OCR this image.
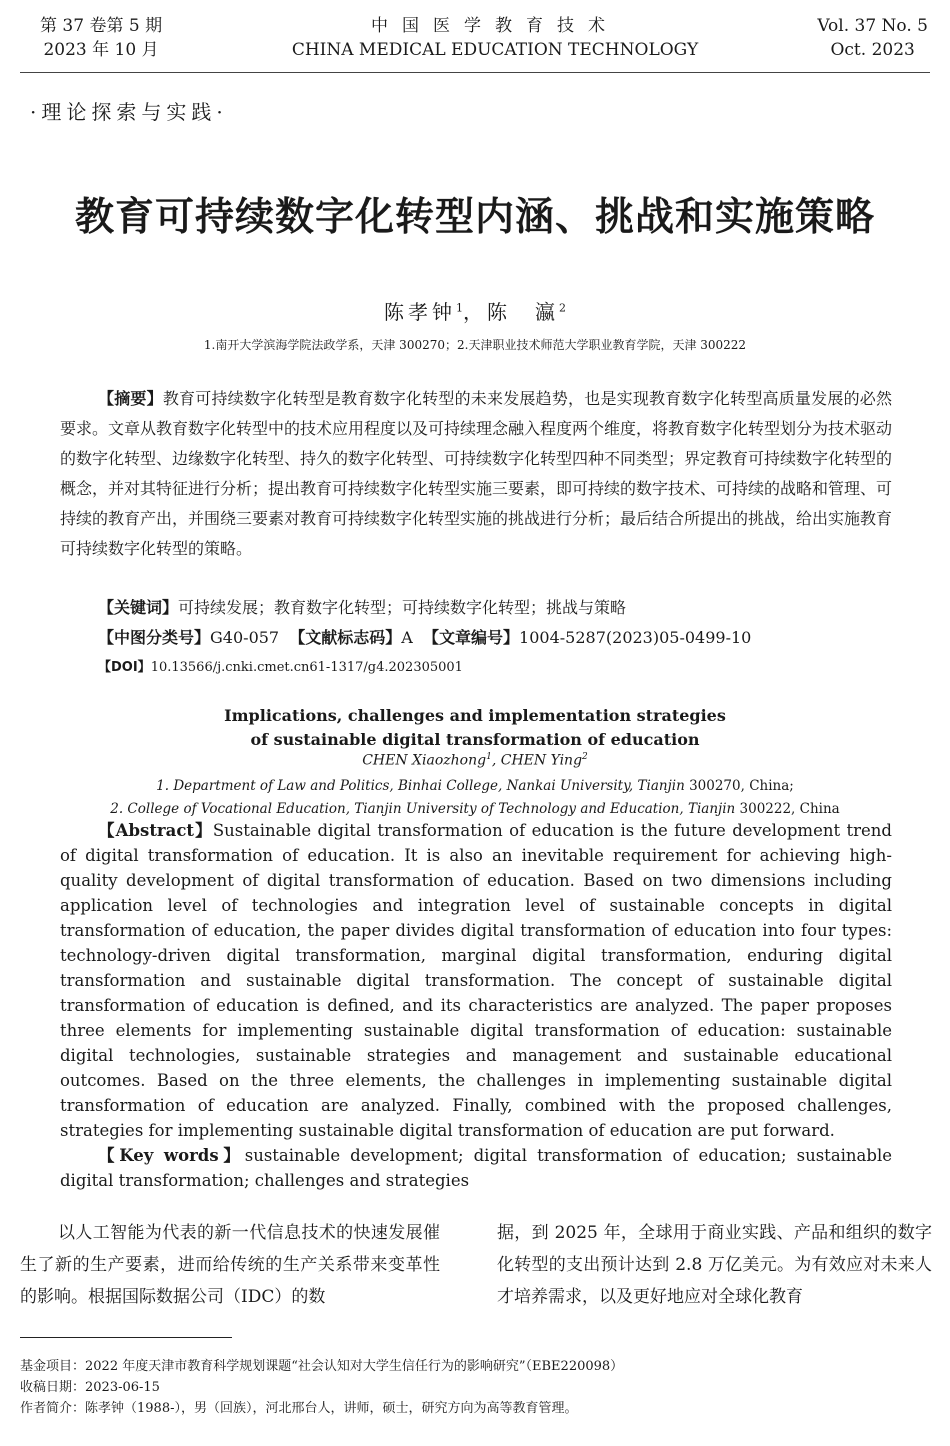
第 37 卷第 5 期
2023 年 10 月
中国医学教育技术
CHINA MEDICAL EDUCATION TECHNOLOGY
Vol. 37 No. 5
Oct. 2023
·理论探索与实践·
教育可持续数字化转型内涵、挑战和实施策略
陈孝钟$^1$，陈　瀛$^2$
1.南开大学滨海学院法政学系，天津 300270；2.天津职业技术师范大学职业教育学院，天津 300222
【摘要】教育可持续数字化转型是教育数字化转型的未来发展趋势，也是实现教育数字化转型高质量发展的必然要求。文章从教育数字化转型中的技术应用程度以及可持续理念融入程度两个维度，将教育数字化转型划分为技术驱动的数字化转型、边缘数字化转型、持久的数字化转型、可持续数字化转型四种不同类型；界定教育可持续数字化转型的概念，并对其特征进行分析；提出教育可持续数字化转型实施三要素，即可持续的数字技术、可持续的战略和管理、可持续的教育产出，并围绕三要素对教育可持续数字化转型实施的挑战进行分析；最后结合所提出的挑战，给出实施教育可持续数字化转型的策略。
【关键词】可持续发展；教育数字化转型；可持续数字化转型；挑战与策略
【中图分类号】G40-057 【文献标志码】A 【文章编号】1004-5287(2023)05-0499-10
【DOI】10.13566/j.cnki.cmet.cn61-1317/g4.202305001
Implications, challenges and implementation strategies
of sustainable digital transformation of education
CHEN Xiaozhong$^1$, CHEN Ying$^2$
1. Department of Law and Politics, Binhai College, Nankai University, Tianjin 300270, China;
2. College of Vocational Education, Tianjin University of Technology and Education, Tianjin 300222, China
【Abstract】Sustainable digital transformation of education is the future development trend of digital transformation of education. It is also an inevitable requirement for achieving high-quality development of digital transformation of education. Based on two dimensions including application level of technologies and integration level of sustainable concepts in digital transformation of education, the paper divides digital transformation of education into four types: technology-driven digital transformation, marginal digital transformation, enduring digital transformation and sustainable digital transformation. The concept of sustainable digital transformation of education is defined, and its characteristics are analyzed. The paper proposes three elements for implementing sustainable digital transformation of education: sustainable digital technologies, sustainable strategies and management and sustainable educational outcomes. Based on the three elements, the challenges in implementing sustainable digital transformation of education are analyzed. Finally, combined with the proposed challenges, strategies for implementing sustainable digital transformation of education are put forward.
【Key words】sustainable development; digital transformation of education; sustainable digital transformation; challenges and strategies
以人工智能为代表的新一代信息技术的快速发展催生了新的生产要素，进而给传统的生产关系带来变革性的影响。根据国际数据公司（IDC）的数
据，到 2025 年，全球用于商业实践、产品和组织的数字化转型的支出预计达到 2.8 万亿美元。为有效应对未来人才培养需求，以及更好地应对全球化教育
基金项目：2022 年度天津市教育科学规划课题“社会认知对大学生信任行为的影响研究”（EBE220098）
收稿日期：2023-06-15
作者简介：陈孝钟（1988-），男（回族），河北邢台人，讲师，硕士，研究方向为高等教育管理。
